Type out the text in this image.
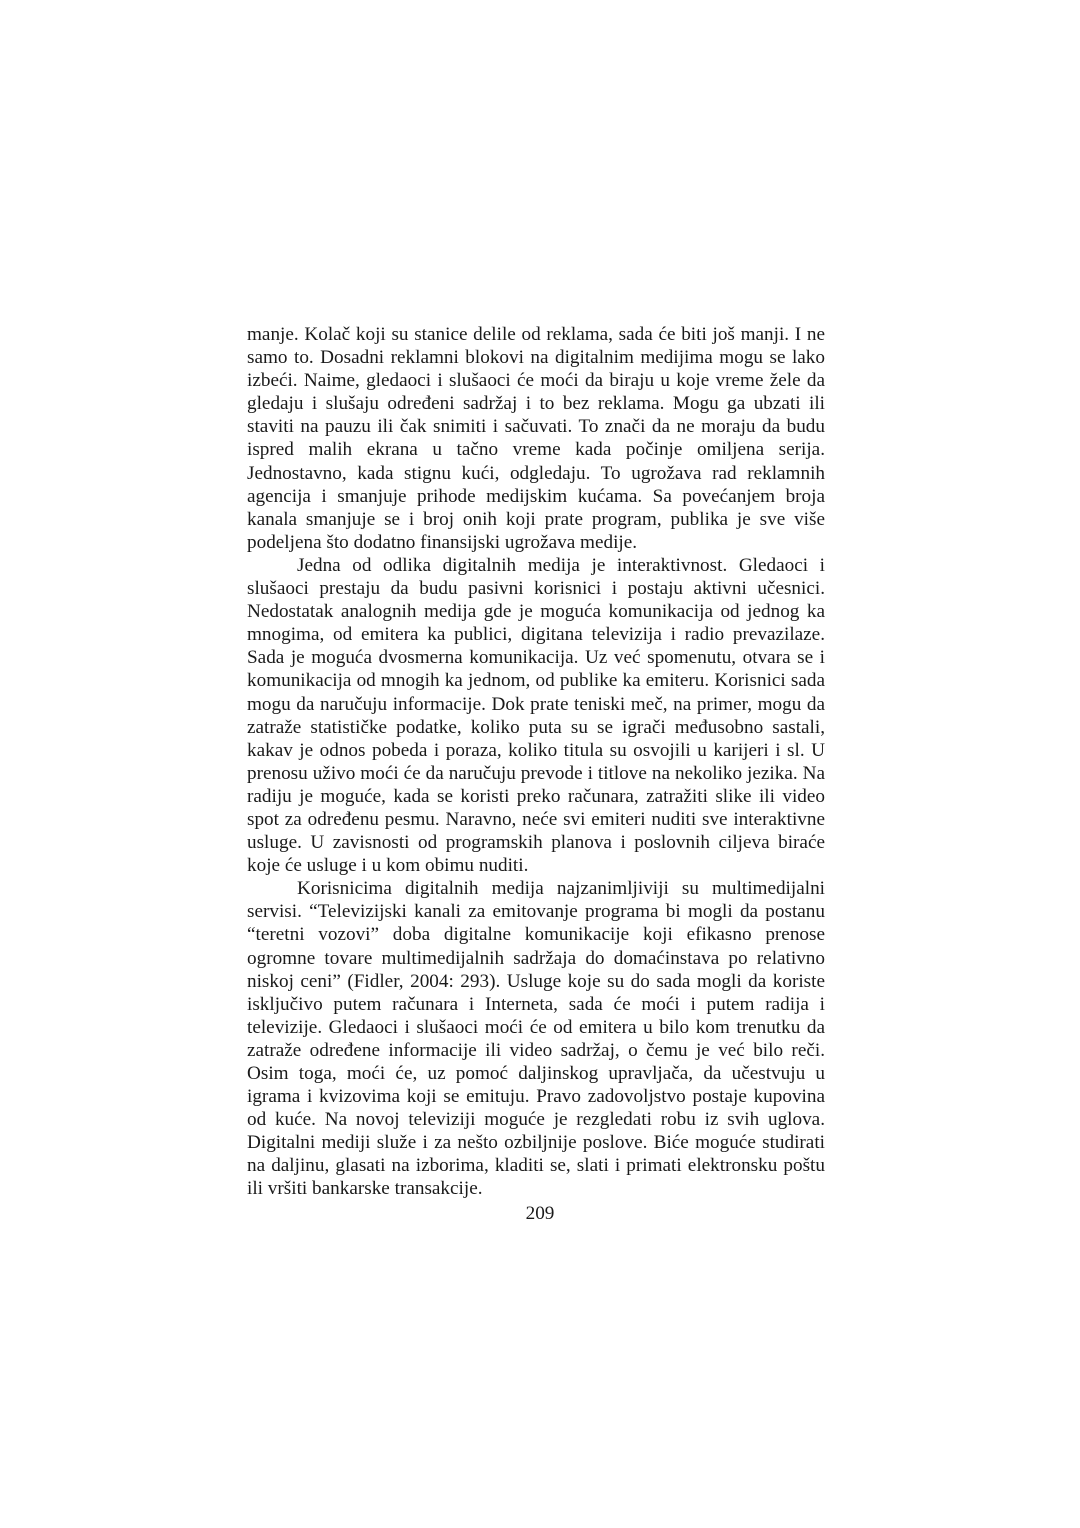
manje. Kolač koji su stanice delile od reklama, sada će biti još manji. I ne samo to. Dosadni reklamni blokovi na digitalnim medijima mogu se lako izbeći. Naime, gledaoci i slušaoci će moći da biraju u koje vreme žele da gledaju i slušaju određeni sadržaj i to bez reklama. Mogu ga ubzati ili staviti na pauzu ili čak snimiti i sačuvati. To znači da ne moraju da budu ispred malih ekrana u tačno vreme kada počinje omiljena serija. Jednostavno, kada stignu kući, odgledaju. To ugrožava rad reklamnih agencija i smanjuje prihode medijskim kućama. Sa povećanjem broja kanala smanjuje se i broj onih koji prate program, publika je sve više podeljena što dodatno finansijski ugrožava medije.

Jedna od odlika digitalnih medija je interaktivnost. Gledaoci i slušaoci prestaju da budu pasivni korisnici i postaju aktivni učesnici. Nedostatak analognih medija gde je moguća komunikacija od jednog ka mnogima, od emitera ka publici, digitana televizija i radio prevazilaze. Sada je moguća dvosmerna komunikacija. Uz već spomenutu, otvara se i komunikacija od mnogih ka jednom, od publike ka emiteru. Korisnici sada mogu da naručuju informacije. Dok prate teniski meč, na primer, mogu da zatraže statističke podatke, koliko puta su se igrači međusobno sastali, kakav je odnos pobeda i poraza, koliko titula su osvojili u karijeri i sl. U prenosu uživo moći će da naručuju prevode i titlove na nekoliko jezika. Na radiju je moguće, kada se koristi preko računara, zatražiti slike ili video spot za određenu pesmu. Naravno, neće svi emiteri nuditi sve interaktivne usluge. U zavisnosti od programskih planova i poslovnih ciljeva biraće koje će usluge i u kom obimu nuditi.

Korisnicima digitalnih medija najzanimljiviji su multimedijalni servisi. “Televizijski kanali za emitovanje programa bi mogli da postanu “teretni vozovi” doba digitalne komunikacije koji efikasno prenose ogromne tovare multimedijalnih sadržaja do domaćinstava po relativno niskoj ceni” (Fidler, 2004: 293). Usluge koje su do sada mogli da koriste isključivo putem računara i Interneta, sada će moći i putem radija i televizije. Gledaoci i slušaoci moći će od emitera u bilo kom trenutku da zatraže određene informacije ili video sadržaj, o čemu je već bilo reči. Osim toga, moći će, uz pomoć daljinskog upravljača, da učestvuju u igrama i kvizovima koji se emituju. Pravo zadovoljstvo postaje kupovina od kuće. Na novoj televiziji moguće je rezgledati robu iz svih uglova. Digitalni mediji služe i za nešto ozbiljnije poslove. Biće moguće studirati na daljinu, glasati na izborima, kladiti se, slati i primati elektronsku poštu ili vršiti bankarske transakcije.

209
